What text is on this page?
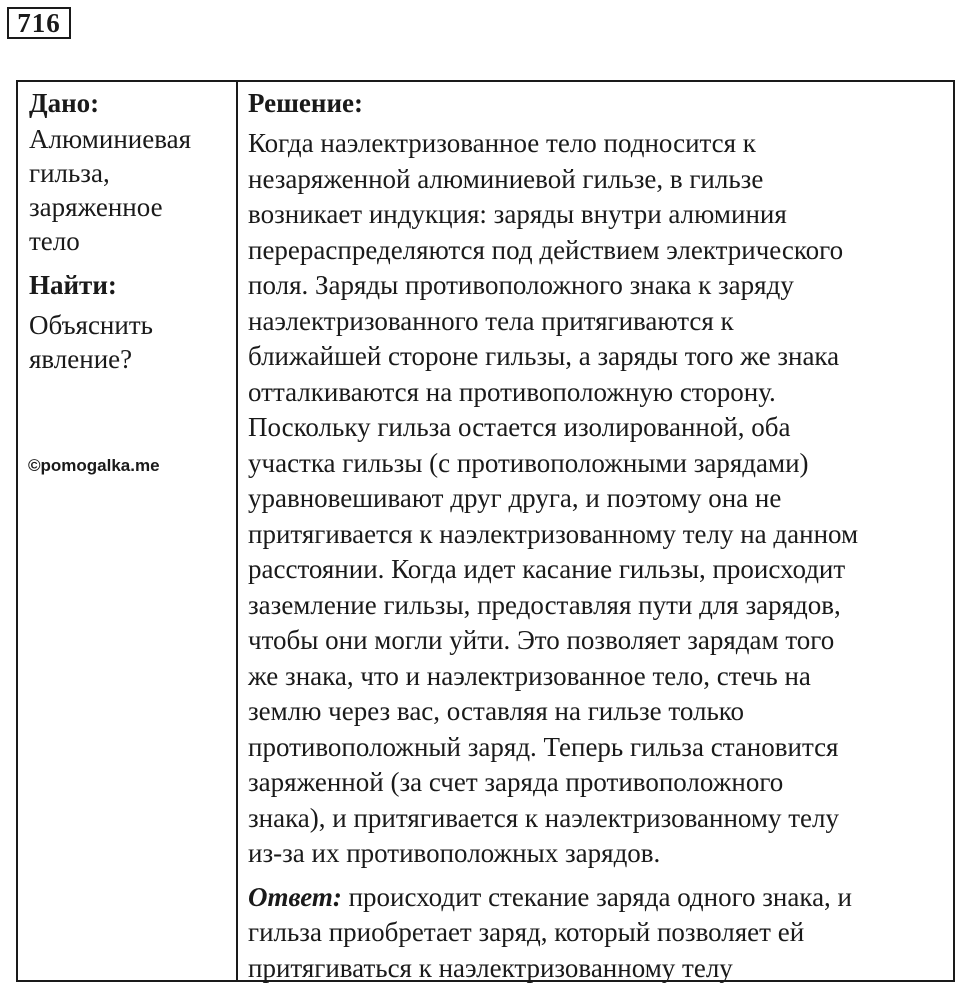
716

Дано:

Алюминиевая
гильза,
заряженное
тело

Найти:

Объяснить
явление?

©pomogalka.me

Решение:

Когда наэлектризованное тело подносится к
незаряженной алюминиевой гильзе, в гильзе
возникает индукция: заряды внутри алюминия
перераспределяются под действием электрического
поля. Заряды противоположного знака к заряду
наэлектризованного тела притягиваются к
ближайшей стороне гильзы, а заряды того же знака
отталкиваются на противоположную сторону.
Поскольку гильза остается изолированной, оба
участка гильзы (с противоположными зарядами)
уравновешивают друг друга, и поэтому она не
притягивается к наэлектризованному телу на данном
расстоянии. Когда идет касание гильзы, происходит
заземление гильзы, предоставляя пути для зарядов,
чтобы они могли уйти. Это позволяет зарядам того
же знака, что и наэлектризованное тело, стечь на
землю через вас, оставляя на гильзе только
противоположный заряд. Теперь гильза становится
заряженной (за счет заряда противоположного
знака), и притягивается к наэлектризованному телу
из-за их противоположных зарядов.

Ответ: происходит стекание заряда одного знака, и
гильза приобретает заряд, который позволяет ей
притягиваться к наэлектризованному телу
